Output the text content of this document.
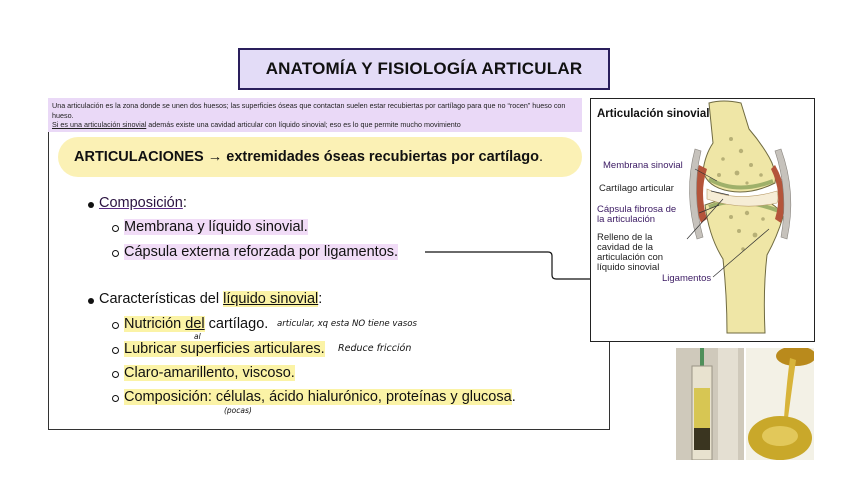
ANATOMÍA Y FISIOLOGÍA ARTICULAR
Una articulación es la zona donde se unen dos huesos; las superficies óseas que contactan suelen estar recubiertas por cartílago para que no “rocen” hueso con hueso.
Si es una articulación sinovial además existe una cavidad articular con líquido sinovial; eso es lo que permite mucho movimiento
ARTICULACIONES → extremidades óseas recubiertas por cartílago .
Composición:
Membrana y líquido sinovial.
Cápsula externa reforzada por ligamentos.
Características del líquido sinovial:
Nutrición del cartílago.
Lubricar superficies articulares.
Claro-amarillento, viscoso.
Composición: células, ácido hialurónico, proteínas y glucosa.
articular, xq esta NO tiene vasos
al
Reduce fricción
(pocas)
Articulación sinovial
Membrana sinovial
Cartílago articular
Cápsula fibrosa de
la articulación
Relleno de la
cavidad de la
articulación con
líquido sinovial
Ligamentos
